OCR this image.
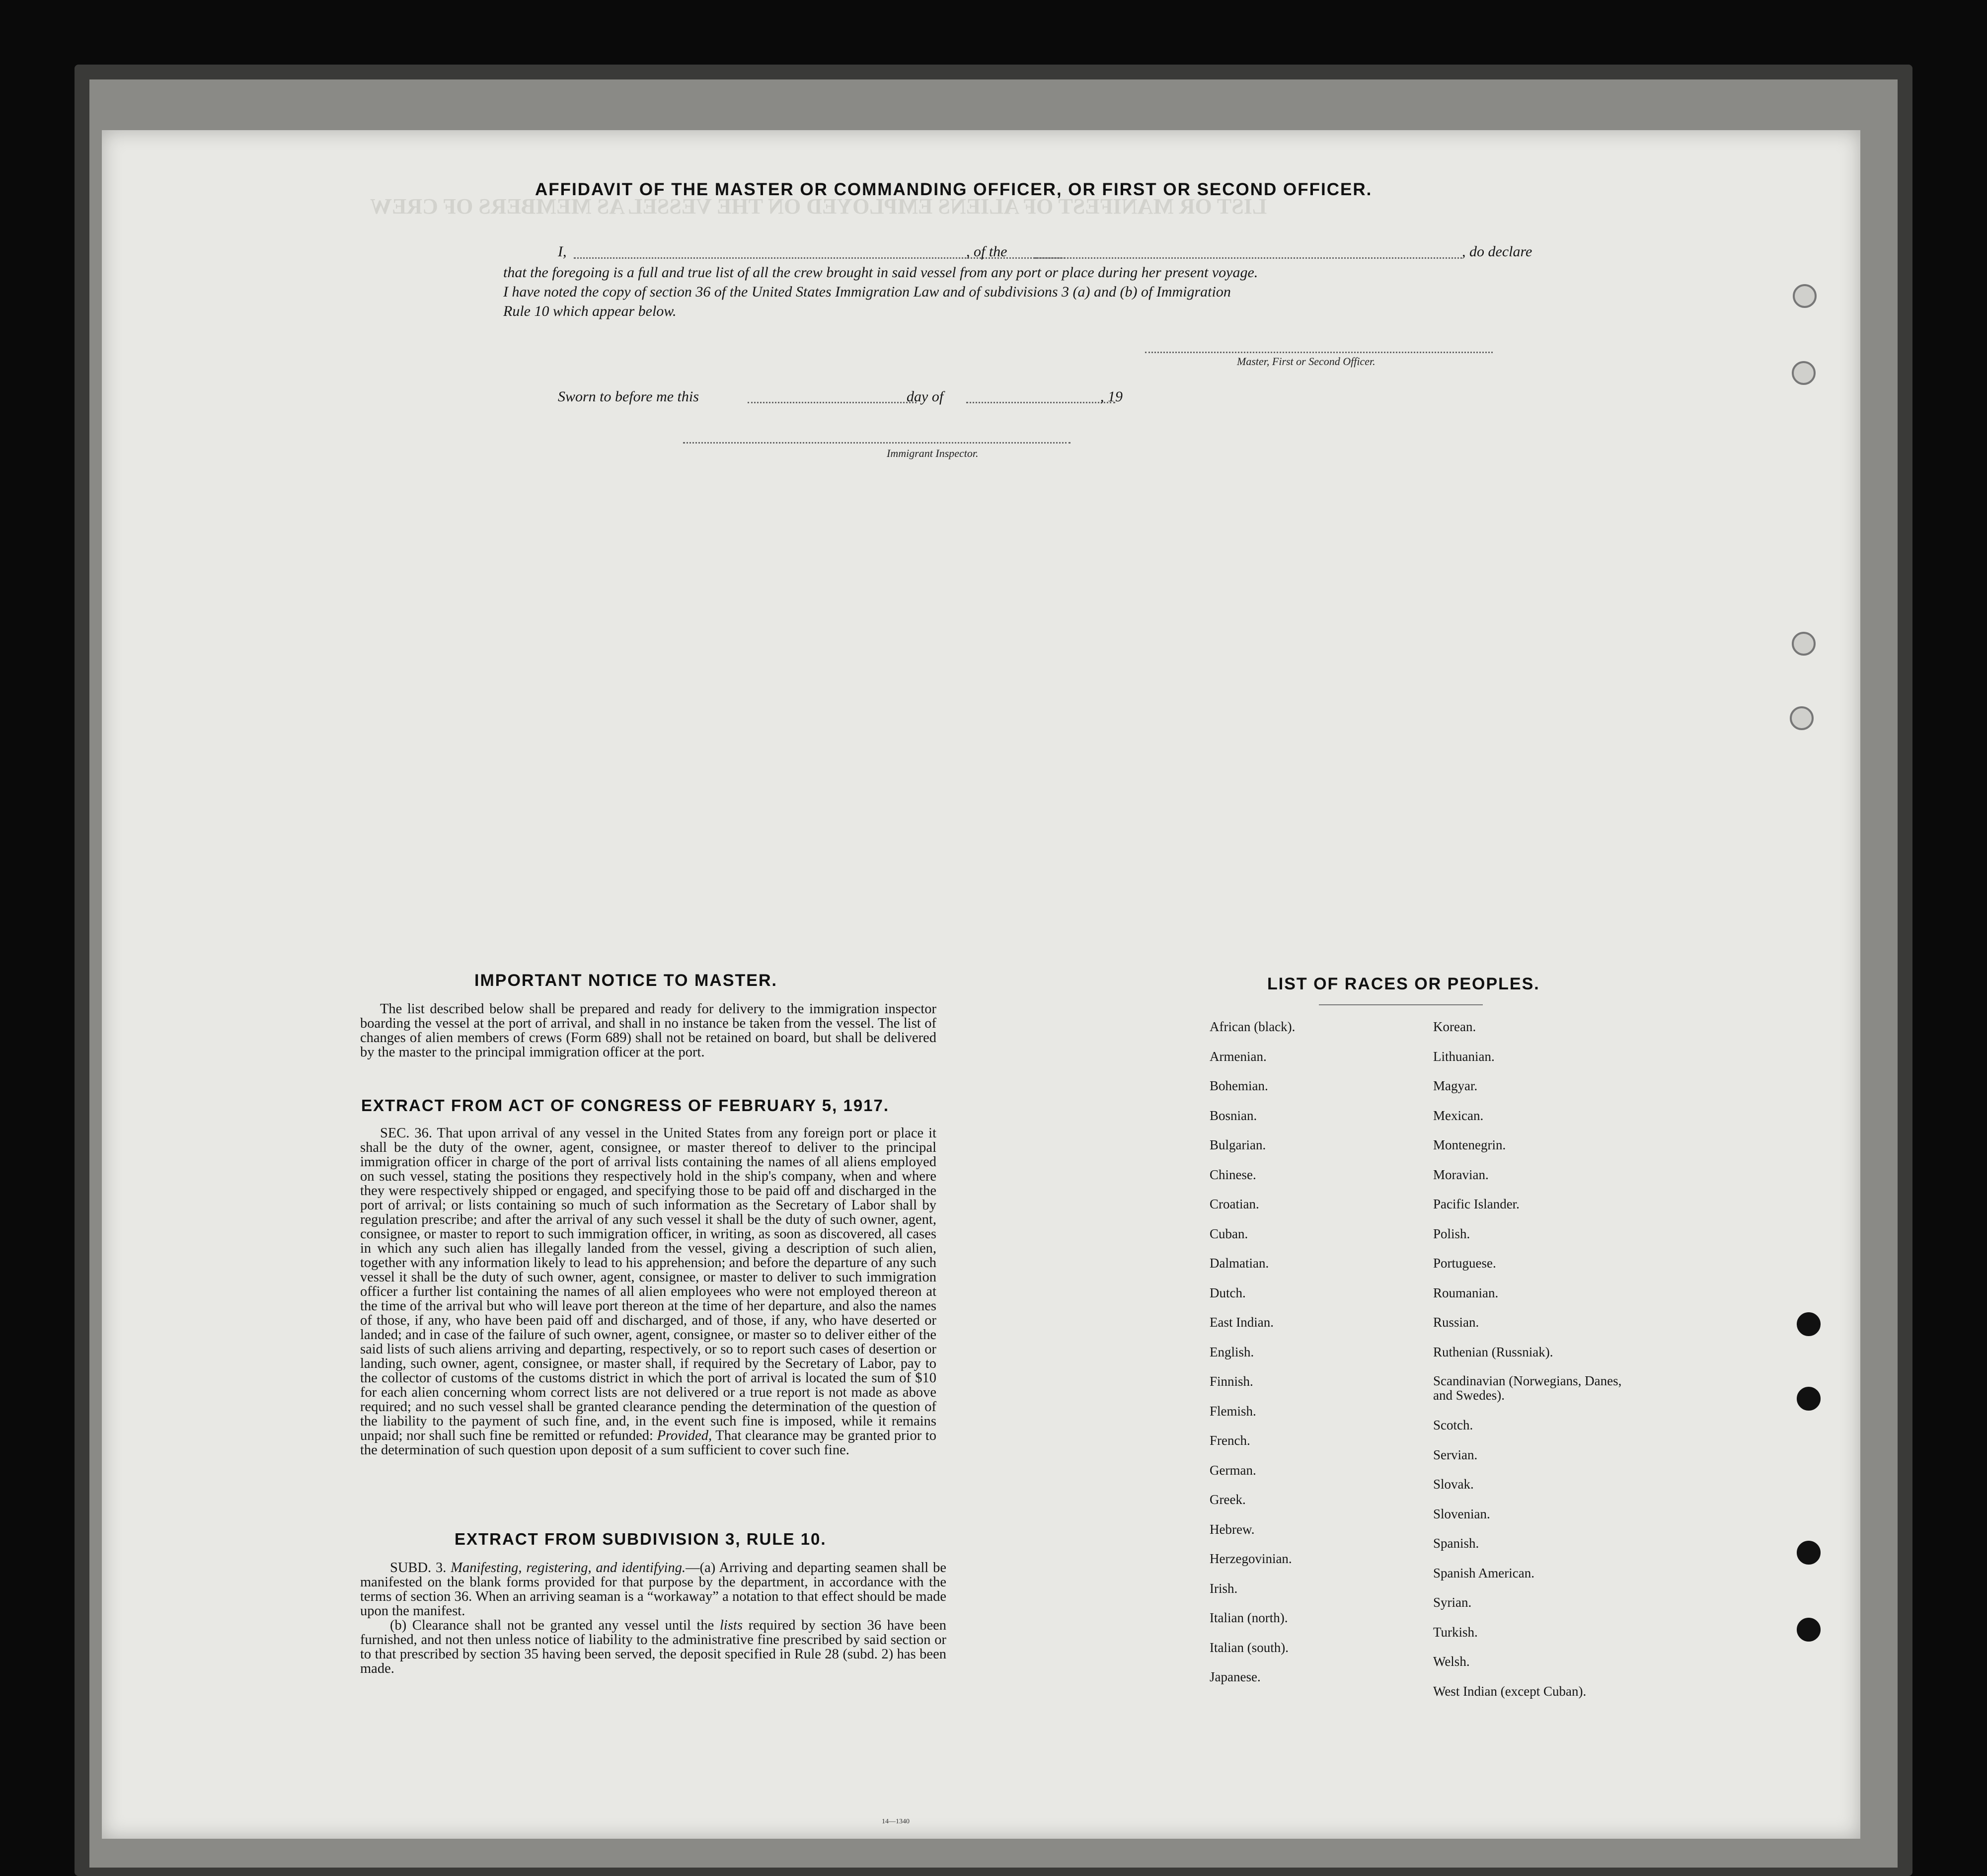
LIST OR MANIFEST OF ALIENS EMPLOYED ON THE VESSEL AS MEMBERS OF CREW
AFFIDAVIT OF THE MASTER OR COMMANDING OFFICER, OR FIRST OR SECOND OFFICER.
I,	, of the	, do declare
that the foregoing is a full and true list of all the crew brought in said vessel from any port or place during her present voyage.
I have noted the copy of section 36 of the United States Immigration Law and of subdivisions 3 (a) and (b) of Immigration
Rule 10 which appear below.
Master, First or Second Officer.
Sworn to before me this	day of	, 19
Immigrant Inspector.
IMPORTANT NOTICE TO MASTER.

The list described below shall be prepared and ready for delivery to the immigration inspector boarding the vessel at the port of arrival, and shall in no instance be taken from the vessel. The list of changes of alien members of crews (Form 689) shall not be retained on board, but shall be delivered by the master to the principal immigration officer at the port.

EXTRACT FROM ACT OF CONGRESS OF FEBRUARY 5, 1917.

SEC. 36. That upon arrival of any vessel in the United States from any foreign port or place it shall be the duty of the owner, agent, consignee, or master thereof to deliver to the principal immigration officer in charge of the port of arrival lists containing the names of all aliens employed on such vessel, stating the positions they respectively hold in the ship's company, when and where they were respectively shipped or engaged, and specifying those to be paid off and discharged in the port of arrival; or lists containing so much of such information as the Secretary of Labor shall by regulation prescribe; and after the arrival of any such vessel it shall be the duty of such owner, agent, consignee, or master to report to such immigration officer, in writing, as soon as discovered, all cases in which any such alien has illegally landed from the vessel, giving a description of such alien, together with any information likely to lead to his apprehension; and before the departure of any such vessel it shall be the duty of such owner, agent, consignee, or master to deliver to such immigration officer a further list containing the names of all alien employees who were not employed thereon at the time of the arrival but who will leave port thereon at the time of her departure, and also the names of those, if any, who have been paid off and discharged, and of those, if any, who have deserted or landed; and in case of the failure of such owner, agent, consignee, or master so to deliver either of the said lists of such aliens arriving and departing, respectively, or so to report such cases of desertion or landing, such owner, agent, consignee, or master shall, if required by the Secretary of Labor, pay to the collector of customs of the customs district in which the port of arrival is located the sum of $10 for each alien concerning whom correct lists are not delivered or a true report is not made as above required; and no such vessel shall be granted clearance pending the determination of the question of the liability to the payment of such fine, and, in the event such fine is imposed, while it remains unpaid; nor shall such fine be remitted or refunded: Provided, That clearance may be granted prior to the determination of such question upon deposit of a sum sufficient to cover such fine.

EXTRACT FROM SUBDIVISION 3, RULE 10.

SUBD. 3. Manifesting, registering, and identifying.—(a) Arriving and departing seamen shall be manifested on the blank forms provided for that purpose by the department, in accordance with the terms of section 36. When an arriving seaman is a “workaway” a notation to that effect should be made upon the manifest.

(b) Clearance shall not be granted any vessel until the lists required by section 36 have been furnished, and not then unless notice of liability to the administrative fine prescribed by said section or to that prescribed by section 35 having been served, the deposit specified in Rule 28 (subd. 2) has been made.

14—1340
LIST OF RACES OR PEOPLES.
African (black).
Armenian.
Bohemian.
Bosnian.
Bulgarian.
Chinese.
Croatian.
Cuban.
Dalmatian.
Dutch.
East Indian.
English.
Finnish.
Flemish.
French.
German.
Greek.
Hebrew.
Herzegovinian.
Irish.
Italian (north).
Italian (south).
Japanese.
Korean.
Lithuanian.
Magyar.
Mexican.
Montenegrin.
Moravian.
Pacific Islander.
Polish.
Portuguese.
Roumanian.
Russian.
Ruthenian (Russniak).
Scandinavian (Norwegians, Danes, and Swedes).
Scotch.
Servian.
Slovak.
Slovenian.
Spanish.
Spanish American.
Syrian.
Turkish.
Welsh.
West Indian (except Cuban).
